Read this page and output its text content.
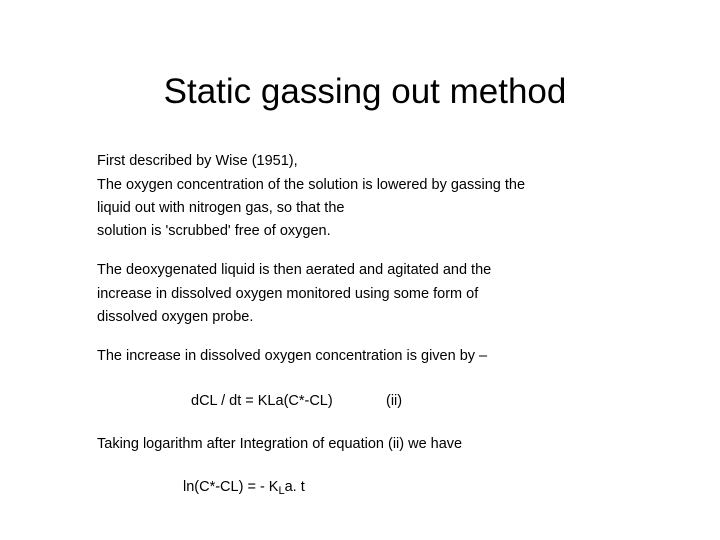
Static gassing out method

First described by Wise (1951),

The oxygen concentration of the solution is lowered by gassing the

liquid out with nitrogen gas, so that the

solution is 'scrubbed' free of oxygen.

The deoxygenated liquid is then aerated and agitated and the

increase in dissolved oxygen monitored using some form of

dissolved oxygen probe.

The increase in dissolved oxygen concentration is given by –

dCL / dt = KLa(C*-CL)	(ii)

Taking logarithm after Integration of equation (ii) we have

ln(C*-CL) = - $K_La$. t
